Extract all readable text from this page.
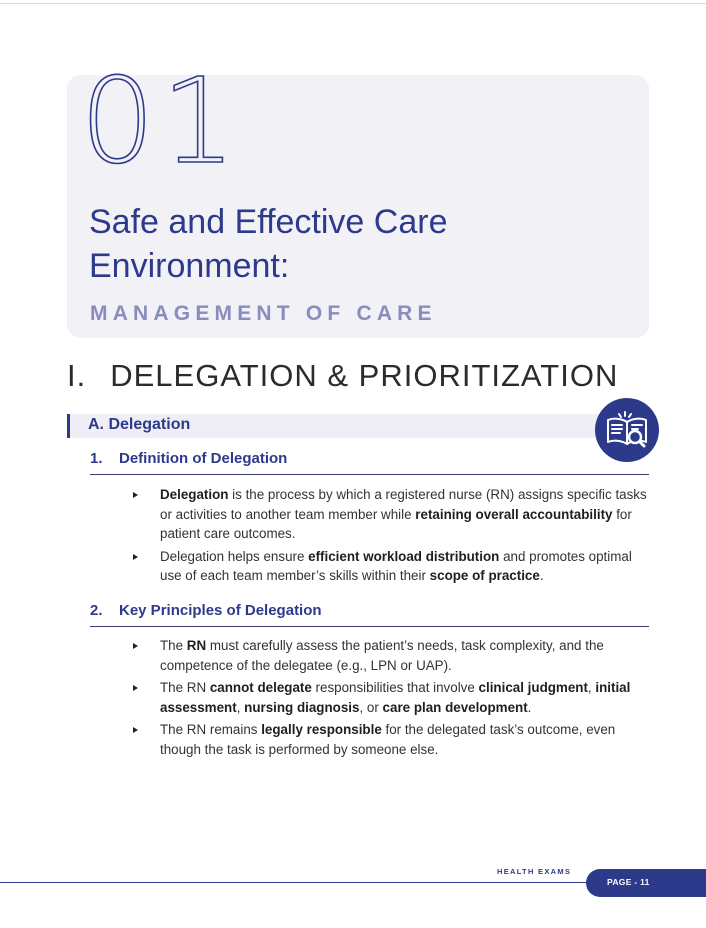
01
Safe and Effective Care
Environment:
MANAGEMENT OF CARE
I. DELEGATION & PRIORITIZATION
A. Delegation
1. Definition of Delegation
Delegation is the process by which a registered nurse (RN) assigns specific tasks or activities to another team member while retaining overall accountability for patient care outcomes.
Delegation helps ensure efficient workload distribution and promotes optimal use of each team member’s skills within their scope of practice.
2. Key Principles of Delegation
The RN must carefully assess the patient’s needs, task complexity, and the competence of the delegatee (e.g., LPN or UAP).
The RN cannot delegate responsibilities that involve clinical judgment, initial assessment, nursing diagnosis, or care plan development.
The RN remains legally responsible for the delegated task’s outcome, even though the task is performed by someone else.
HEALTH EXAMS
PAGE - 11
